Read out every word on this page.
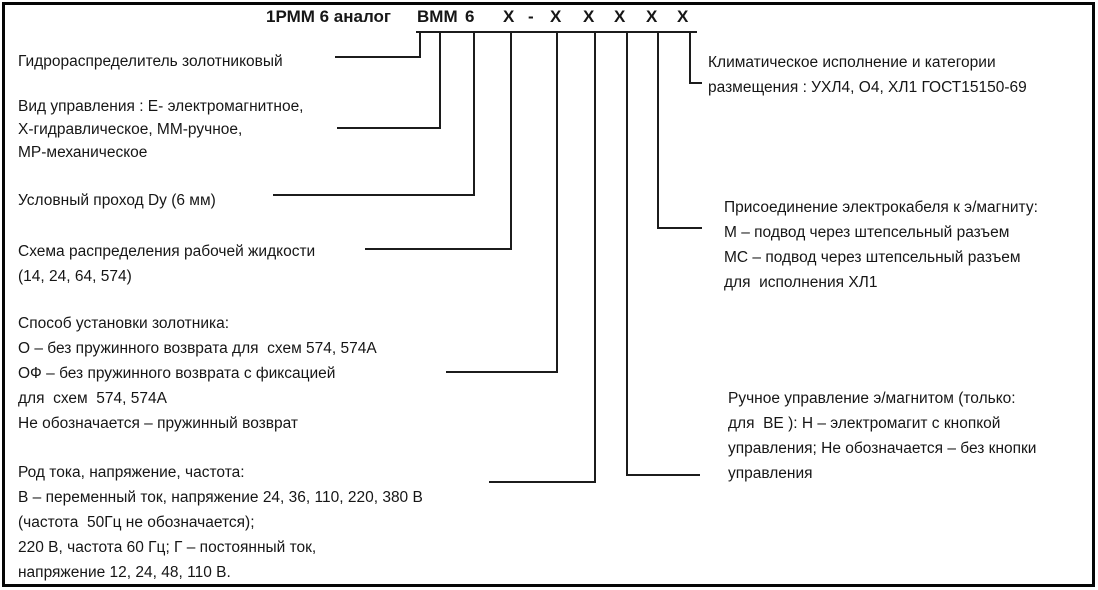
1РММ 6 аналог ВММ 6 Х - Х Х Х Х Х
Гидрораспределитель золотниковый
Вид управления : Е- электромагнитное,
Х-гидравлическое, ММ-ручное,
МР-механическое
Условный проход Dу (6 мм)
Схема распределения рабочей жидкости
(14, 24, 64, 574)
Способ установки золотника:
О – без пружинного возврата для  схем 574, 574А
ОФ – без пружинного возврата с фиксацией
для  схем  574, 574А
Не обозначается – пружинный возврат
Род тока, напряжение, частота:
В – переменный ток, напряжение 24, 36, 110, 220, 380 В
(частота  50Гц не обозначается);
220 В, частота 60 Гц; Г – постоянный ток,
напряжение 12, 24, 48, 110 В.
Климатическое исполнение и категории
размещения : УХЛ4, О4, ХЛ1 ГОСТ15150-69
Присоединение электрокабеля к э/магниту:
М – подвод через штепсельный разъем
МС – подвод через штепсельный разъем
для  исполнения ХЛ1
Ручное управление э/магнитом (только:
для  ВЕ ): Н – электромагит с кнопкой
управления; Не обозначается – без кнопки
управления
